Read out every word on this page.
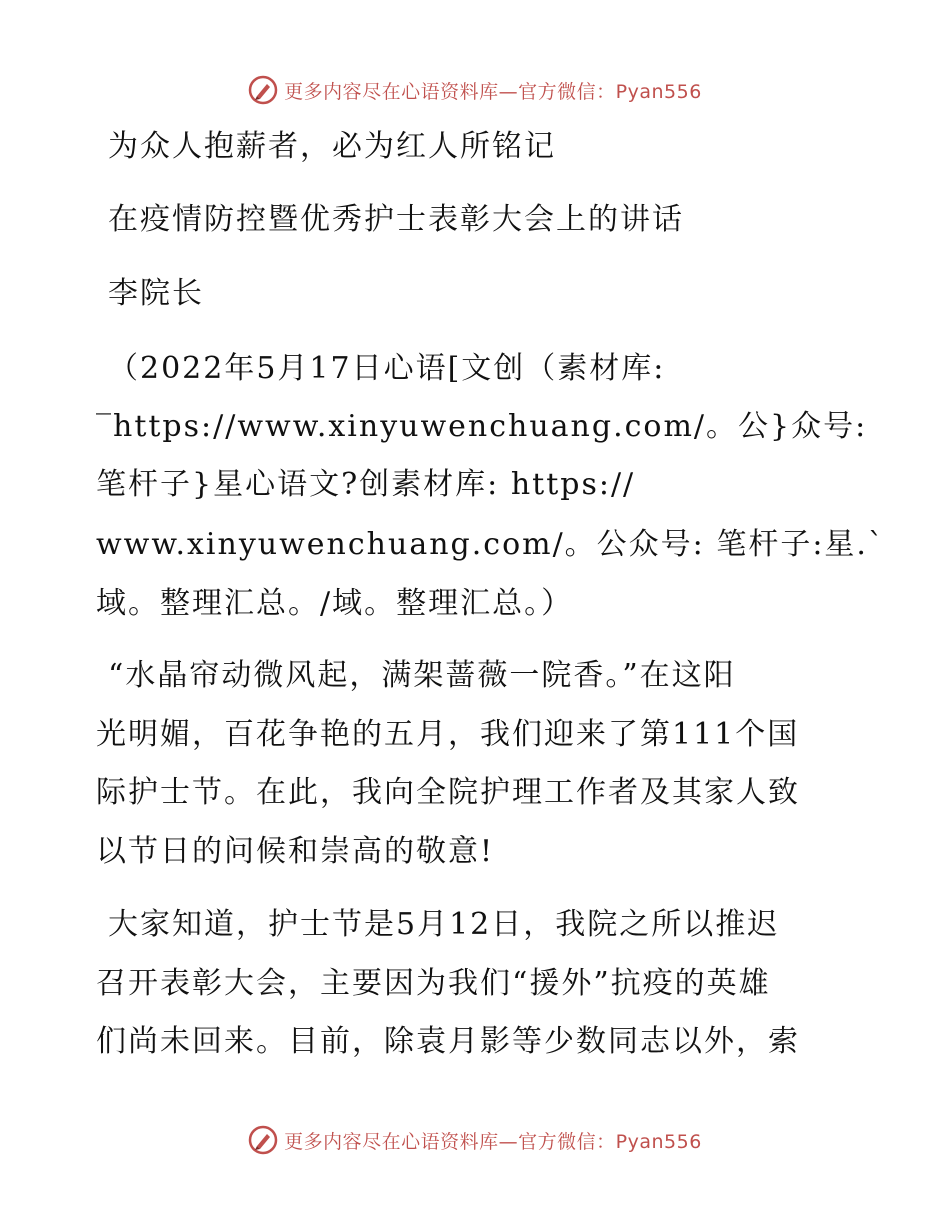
更多内容尽在心语资料库—官方微信：Pyan556
为众人抱薪者，必为红人所铭记
在疫情防控暨优秀护士表彰大会上的讲话
李院长
（2022年5月17日心语[文创（素材库:
‾https://www.xinyuwenchuang.com/。公}众号:
笔杆子}星心语文?创素材库: https://
www.xinyuwenchuang.com/。公众号: 笔杆子:星.`
域。整理汇总。/域。整理汇总。）
“水晶帘动微风起，满架蔷薇一院香。”在这阳
光明媚，百花争艳的五月，我们迎来了第111个国
际护士节。在此，我向全院护理工作者及其家人致
以节日的问候和崇高的敬意!
大家知道，护士节是5月12日，我院之所以推迟
召开表彰大会，主要因为我们“援外”抗疫的英雄
们尚未回来。目前，除袁月影等少数同志以外，索
更多内容尽在心语资料库—官方微信：Pyan556
